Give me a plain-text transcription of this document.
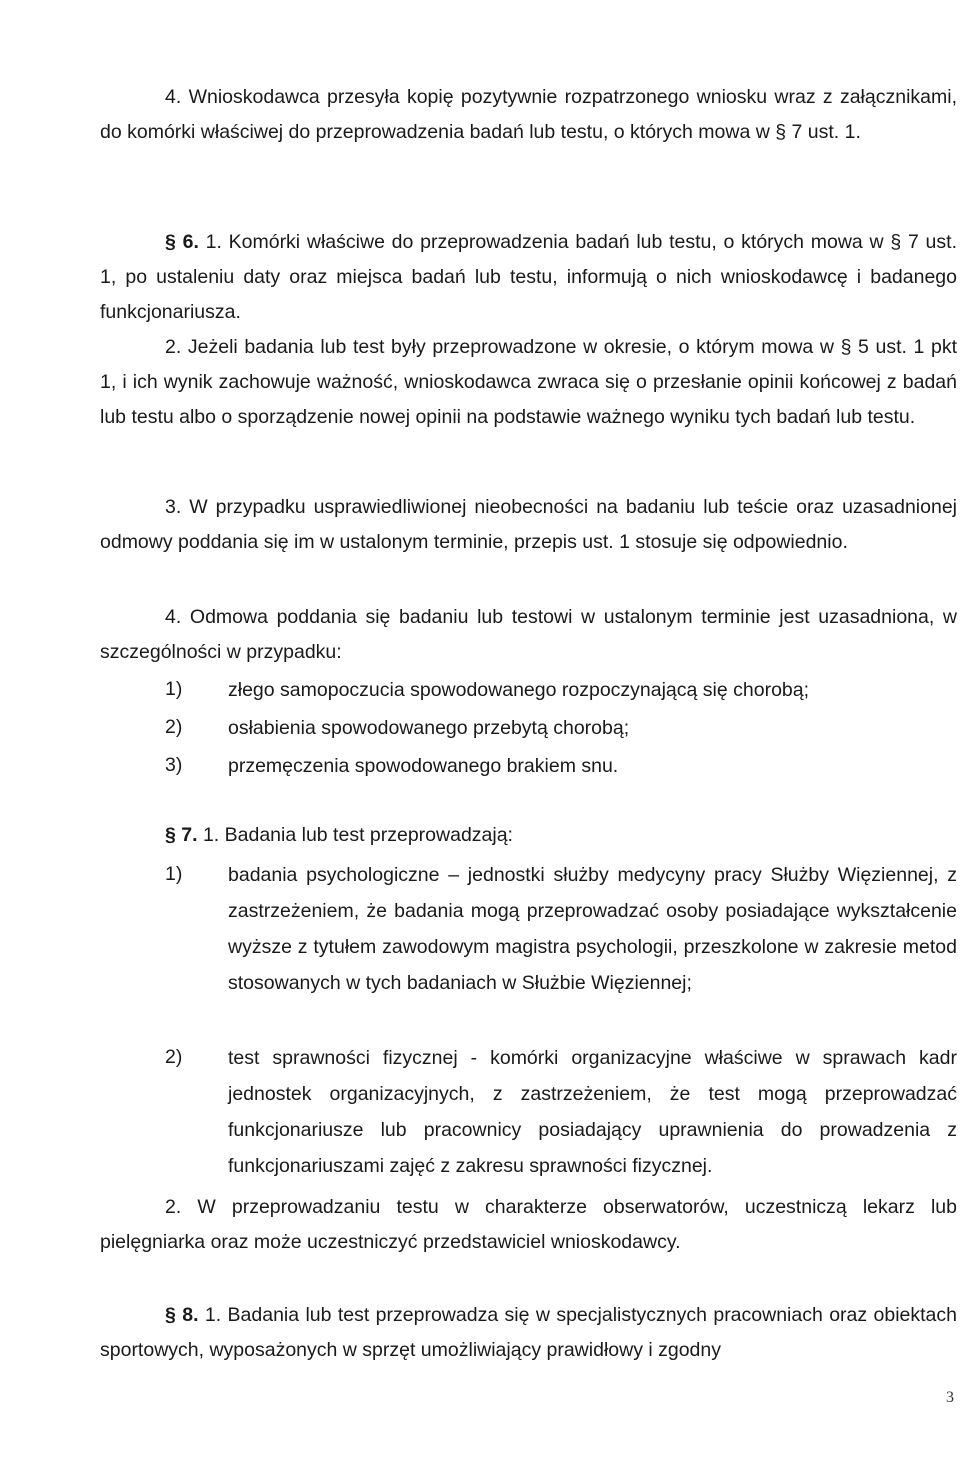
4. Wnioskodawca przesyła kopię pozytywnie rozpatrzonego wniosku wraz z załącznikami, do komórki właściwej do przeprowadzenia badań lub testu, o których mowa w § 7 ust. 1.

§ 6. 1. Komórki właściwe do przeprowadzenia badań lub testu, o których mowa w § 7 ust. 1, po ustaleniu daty oraz miejsca badań lub testu, informują o nich wnioskodawcę i badanego funkcjonariusza.

2. Jeżeli badania lub test były przeprowadzone w okresie, o którym mowa w § 5 ust. 1 pkt 1, i ich wynik zachowuje ważność, wnioskodawca zwraca się o przesłanie opinii końcowej z badań lub testu albo o sporządzenie nowej opinii na podstawie ważnego wyniku tych badań lub testu.

3. W przypadku usprawiedliwionej nieobecności na badaniu lub teście oraz uzasadnionej odmowy poddania się im w ustalonym terminie, przepis ust. 1 stosuje się odpowiednio.

4. Odmowa poddania się badaniu lub testowi w ustalonym terminie jest uzasadniona, w szczególności w przypadku:

1) złego samopoczucia spowodowanego rozpoczynającą się chorobą;
2) osłabienia spowodowanego przebytą chorobą;
3) przemęczenia spowodowanego brakiem snu.

§ 7. 1. Badania lub test przeprowadzają:

1) badania psychologiczne – jednostki służby medycyny pracy Służby Więziennej, z zastrzeżeniem, że badania mogą przeprowadzać osoby posiadające wykształcenie wyższe z tytułem zawodowym magistra psychologii, przeszkolone w zakresie metod stosowanych w tych badaniach w Służbie Więziennej;
2) test sprawności fizycznej - komórki organizacyjne właściwe w sprawach kadr jednostek organizacyjnych, z zastrzeżeniem, że test mogą przeprowadzać funkcjonariusze lub pracownicy posiadający uprawnienia do prowadzenia z funkcjonariuszami zajęć z zakresu sprawności fizycznej.

2. W przeprowadzaniu testu w charakterze obserwatorów, uczestniczą lekarz lub pielęgniarka oraz może uczestniczyć przedstawiciel wnioskodawcy.

§ 8. 1. Badania lub test przeprowadza się w specjalistycznych pracowniach oraz obiektach sportowych, wyposażonych w sprzęt umożliwiający prawidłowy i zgodny

3
